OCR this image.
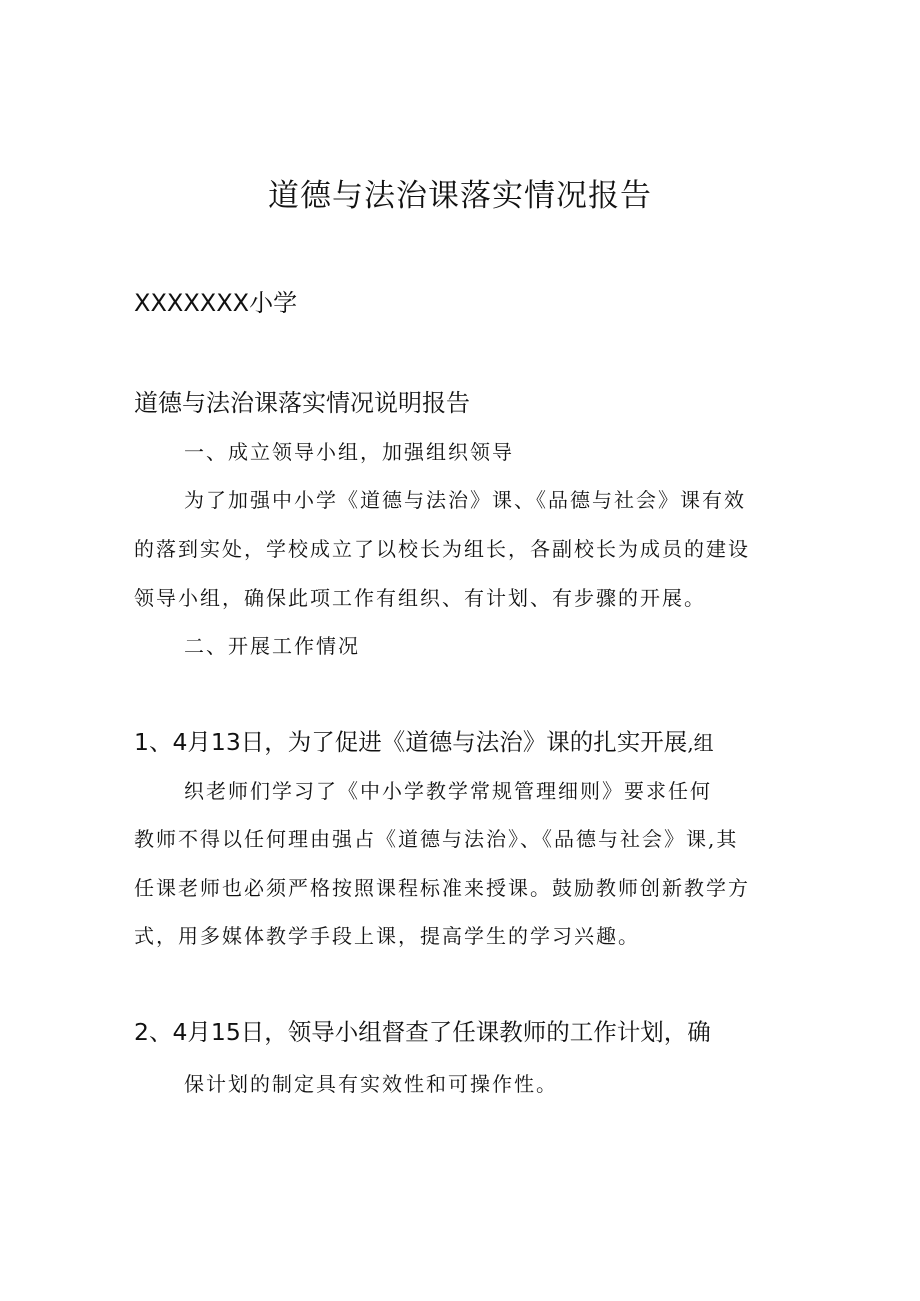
道德与法治课落实情况报告
XXXXXXX小学
道德与法治课落实情况说明报告
一、成立领导小组，加强组织领导
为了加强中小学《道德与法治》课、《品德与社会》课有效
的落到实处，学校成立了以校长为组长，各副校长为成员的建设
领导小组，确保此项工作有组织、有计划、有步骤的开展。
二、开展工作情况
1、4月13日，为了促进《道德与法治》课的扎实开展,组
织老师们学习了《中小学教学常规管理细则》要求任何
教师不得以任何理由强占《道德与法治》、《品德与社会》课,其
任课老师也必须严格按照课程标准来授课。鼓励教师创新教学方
式，用多媒体教学手段上课，提高学生的学习兴趣。
2、4月15日，领导小组督查了任课教师的工作计划，确
保计划的制定具有实效性和可操作性。
